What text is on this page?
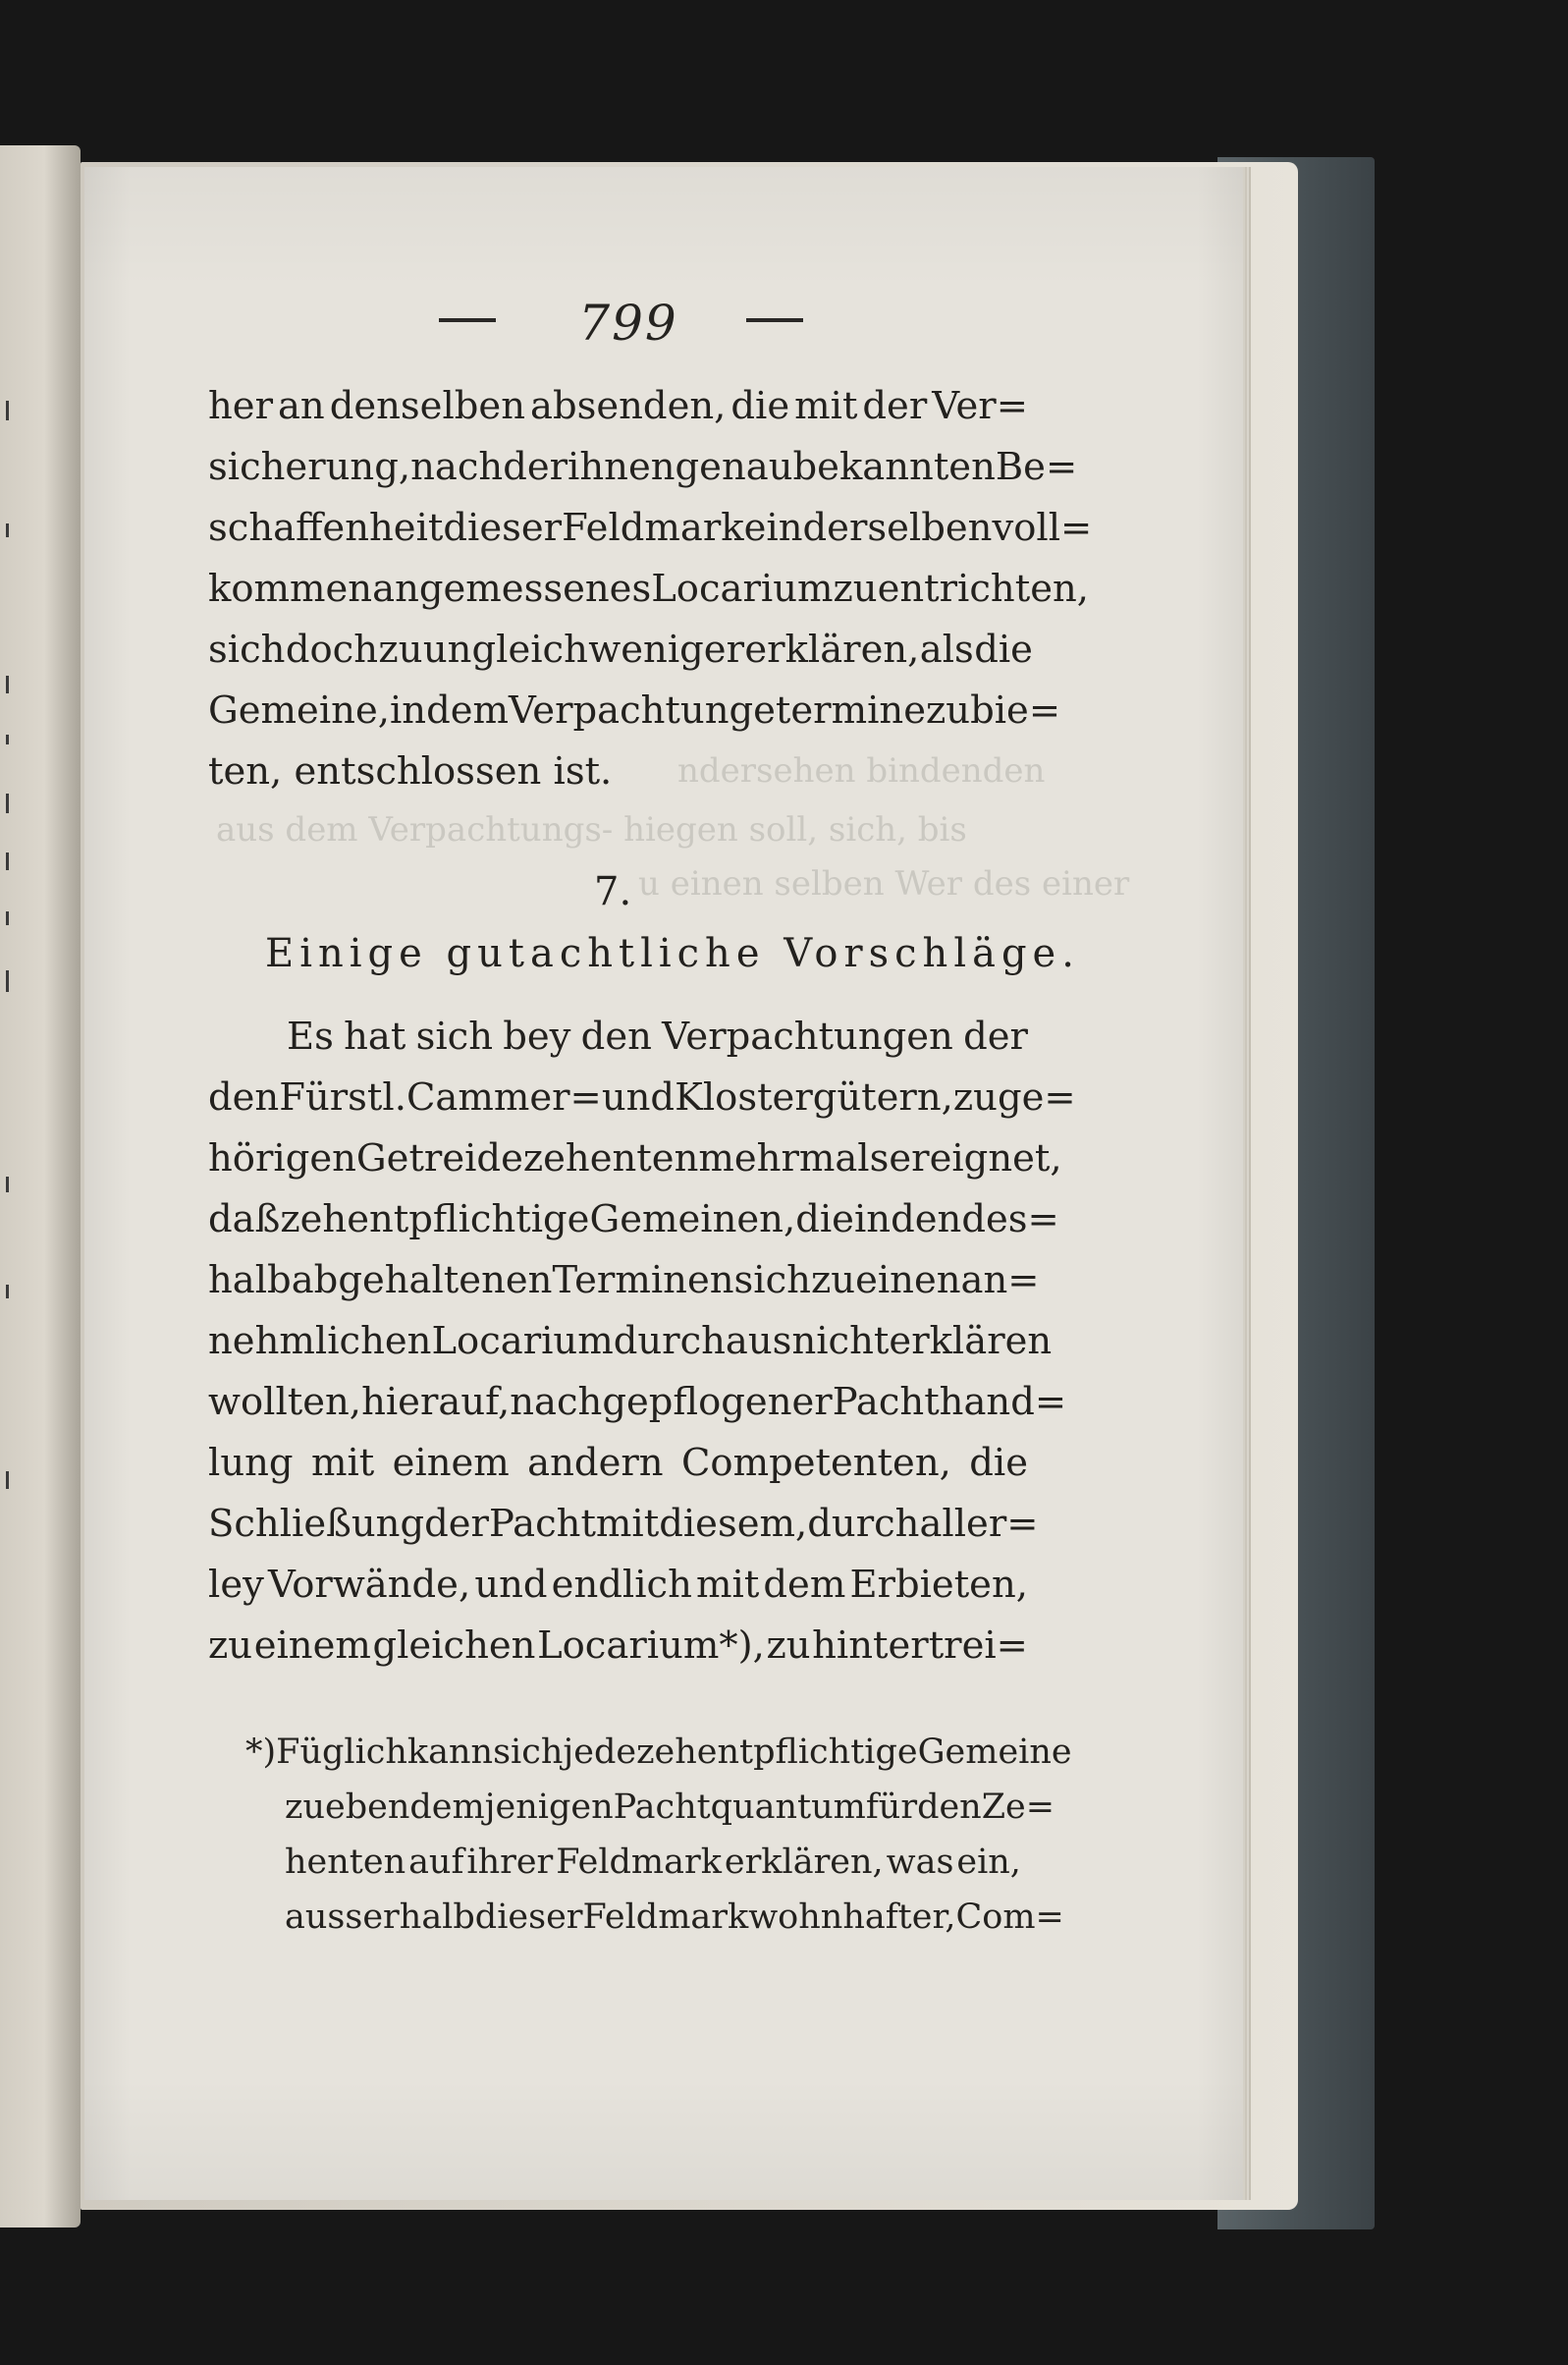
ndersehen bindenden
aus dem Verpachtungs- hiegen soll, sich, bis
u einen selben Wer des einer
799
her an denselben absenden, die mit der Ver=
sicherung, nach der ihnen genau bekannten Be=
schaffenheit dieser Feldmark ein derselben voll=
kommen angemessenes Locarium zu entrichten,
sich doch zu ungleich weniger erklären, als die
Gemeine, in dem Verpachtungetermine zu bie=
ten, entschlossen ist.
7.
Einige gutachtliche Vorschläge.
Es hat sich bey den Verpachtungen der
den Fürstl. Cammer= und Klostergütern, zuge=
hörigen Getreidezehenten mehrmals ereignet,
daß zehentpflichtige Gemeinen, die in den des=
halb abgehaltenen Terminen sich zu einen an=
nehmlichen Locarium durchaus nicht erklären
wollten, hierauf, nach gepflogener Pachthand=
lung mit einem andern Competenten, die
Schließung der Pacht mit diesem, durch aller=
ley Vorwände, und endlich mit dem Erbieten,
zu einem gleichen Locarium*), zu hintertrei=
*) Füglich kann sich jede zehentpflichtige Gemeine
zu eben demjenigen Pachtquantum für den Ze=
henten auf ihrer Feldmark erklären, was ein,
ausserhalb dieser Feldmark wohnhafter, Com=
